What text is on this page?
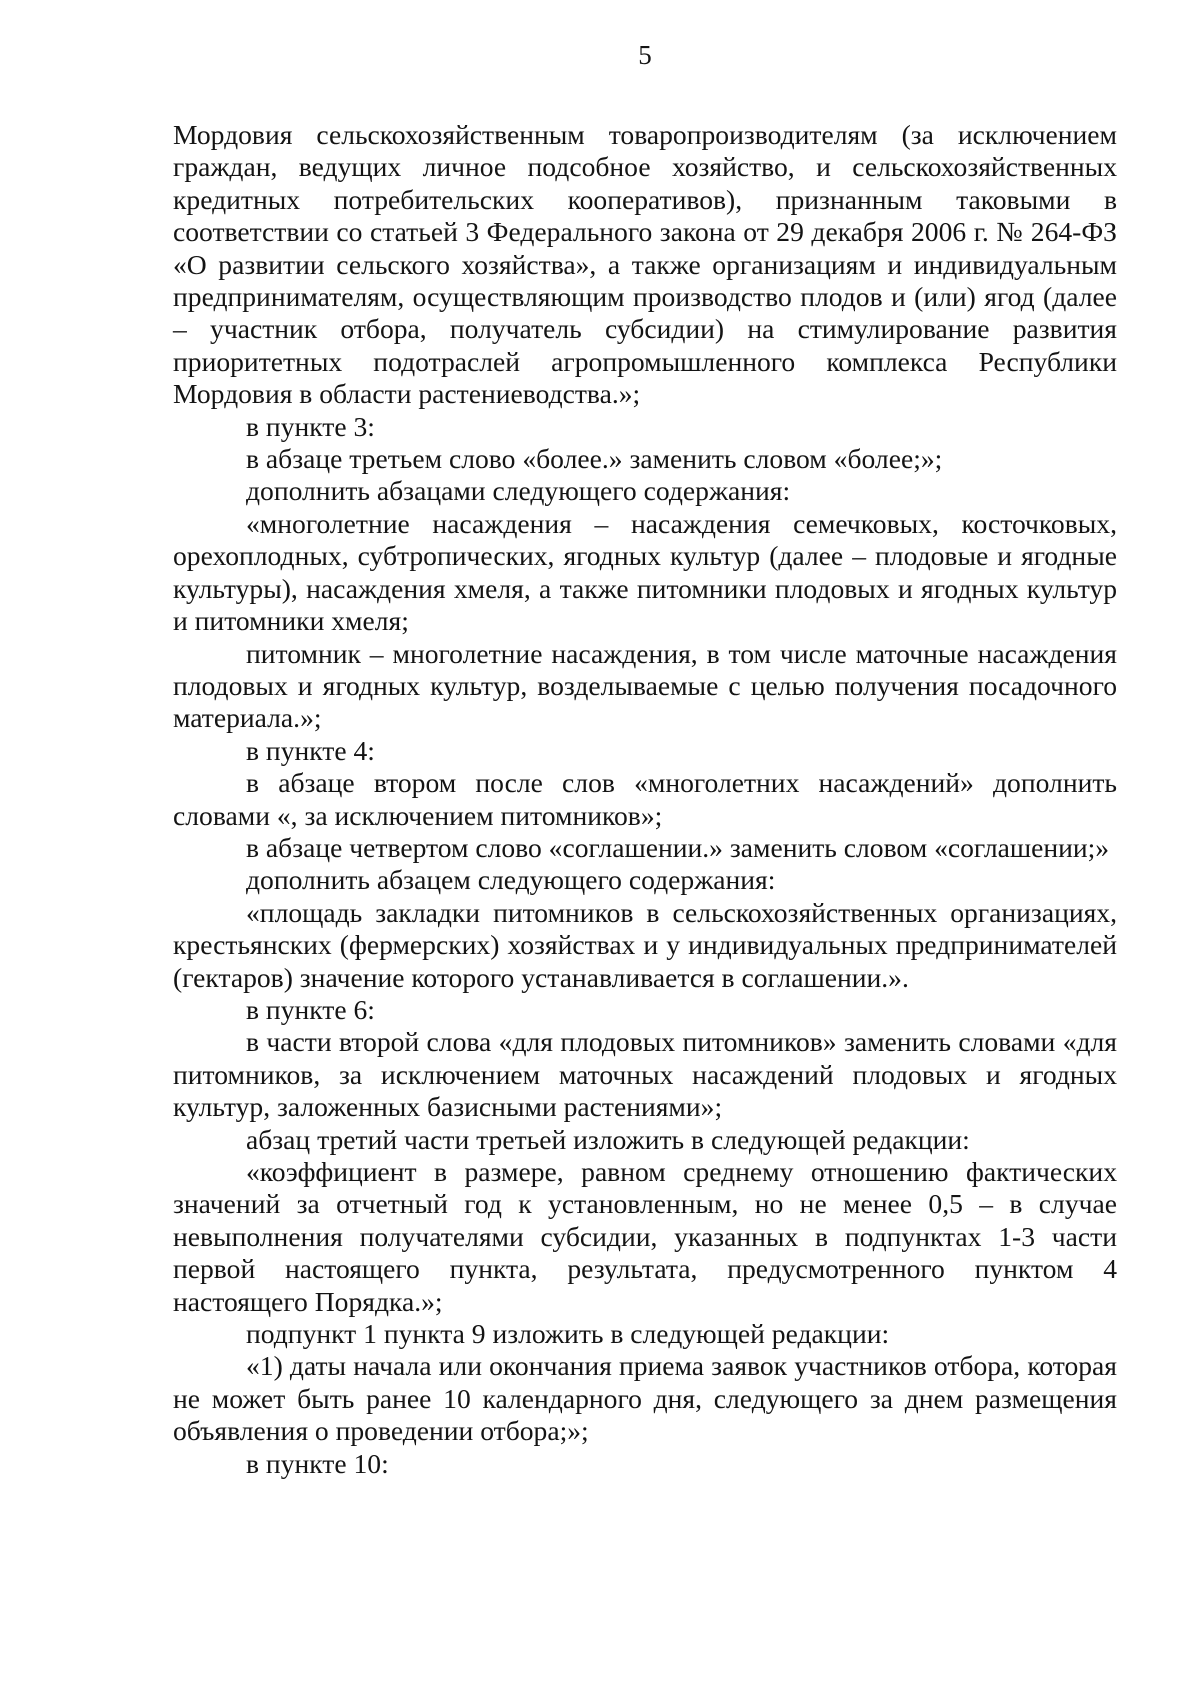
5

Мордовия сельскохозяйственным товаропроизводителям (за исключением граждан, ведущих личное подсобное хозяйство, и сельскохозяйственных кредитных потребительских кооперативов), признанным таковыми в соответствии со статьей 3 Федерального закона от 29 декабря 2006 г. № 264-ФЗ «О развитии сельского хозяйства», а также организациям и индивидуальным предпринимателям, осуществляющим производство плодов и (или) ягод (далее – участник отбора, получатель субсидии) на стимулирование развития приоритетных подотраслей агропромышленного комплекса Республики Мордовия в области растениеводства.»;

в пункте 3:

в абзаце третьем слово «более.» заменить словом «более;»;

дополнить абзацами следующего содержания:

«многолетние насаждения – насаждения семечковых, косточковых, орехоплодных, субтропических, ягодных культур (далее – плодовые и ягодные культуры), насаждения хмеля, а также питомники плодовых и ягодных культур и питомники хмеля;

питомник – многолетние насаждения, в том числе маточные насаждения плодовых и ягодных культур, возделываемые с целью получения посадочного материала.»;

в пункте 4:

в абзаце втором после слов «многолетних насаждений» дополнить словами «, за исключением питомников»;

в абзаце четвертом слово «соглашении.» заменить словом «соглашении;»

дополнить абзацем следующего содержания:

«площадь закладки питомников в сельскохозяйственных организациях, крестьянских (фермерских) хозяйствах и у индивидуальных предпринимателей (гектаров) значение которого устанавливается в соглашении.».

в пункте 6:

в части второй слова «для плодовых питомников» заменить словами «для питомников, за исключением маточных насаждений плодовых и ягодных культур, заложенных базисными растениями»;

абзац третий части третьей изложить в следующей редакции:

«коэффициент в размере, равном среднему отношению фактических значений за отчетный год к установленным, но не менее 0,5 – в случае невыполнения получателями субсидии, указанных в подпунктах 1-3 части первой настоящего пункта, результата, предусмотренного пунктом 4 настоящего Порядка.»;

подпункт 1 пункта 9 изложить в следующей редакции:

«1) даты начала или окончания приема заявок участников отбора, которая не может быть ранее 10 календарного дня, следующего за днем размещения объявления о проведении отбора;»;

в пункте 10:
